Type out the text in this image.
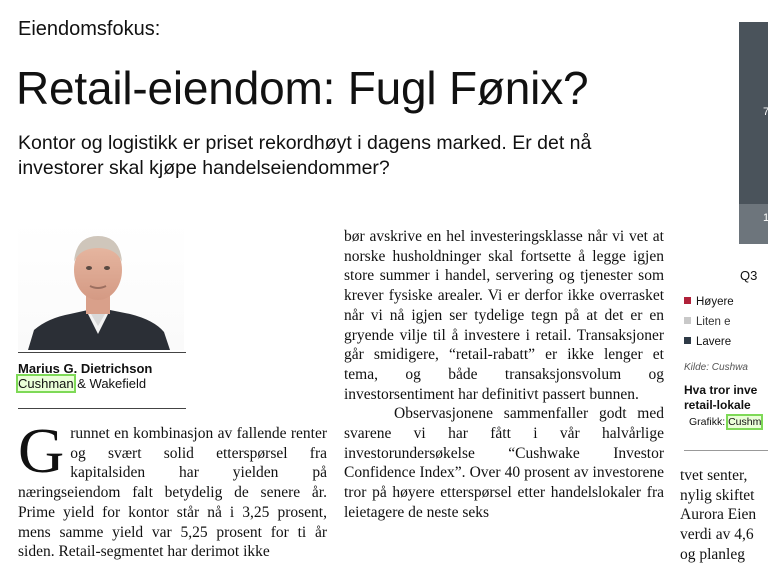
Eiendomsfokus:
Retail-eiendom: Fugl Fønix?

Kontor og logistikk er priset rekordhøyt i dagens marked. Er det nå investorer skal kjøpe handelseiendommer?

Marius G. Dietrichson
Cushman & Wakefield
G runnet en kombinasjon av fallende renter og svært solid etterspørsel fra kapitalsiden har yielden på næringseiendom falt betydelig de senere år. Prime yield for kontor står nå i 3,25 prosent, mens samme yield var 5,25 prosent for ti år siden. Retail-segmentet har derimot ikke

bør avskrive en hel investeringsklasse når vi vet at norske husholdninger skal fortsette å legge igjen store summer i handel, servering og tjenester som krever fysiske arealer. Vi er derfor ikke overrasket når vi nå igjen ser tydelige tegn på at det er en gryende vilje til å investere i retail. Transaksjoner går smidigere, “retail-rabatt” er ikke lenger et tema, og både transaksjonsvolum og investorsentiment har definitivt passert bunnen.

Observasjonene sammenfaller godt med svarene vi har fått i vår halvårlige investorundersøkelse “Cushwake Investor Confidence Index”. Over 40 prosent av investorene tror på høyere etterspørsel etter handelslokaler fra leietagere de neste seks

tvet senter,
nylig skiftet
Aurora Eien
verdi av 4,6
og planleg
7
1
Q3
Høyere
Liten e
Lavere
Kilde: Cushwa
Hva tror inve
retail-lokale
Grafikk: Cushm
